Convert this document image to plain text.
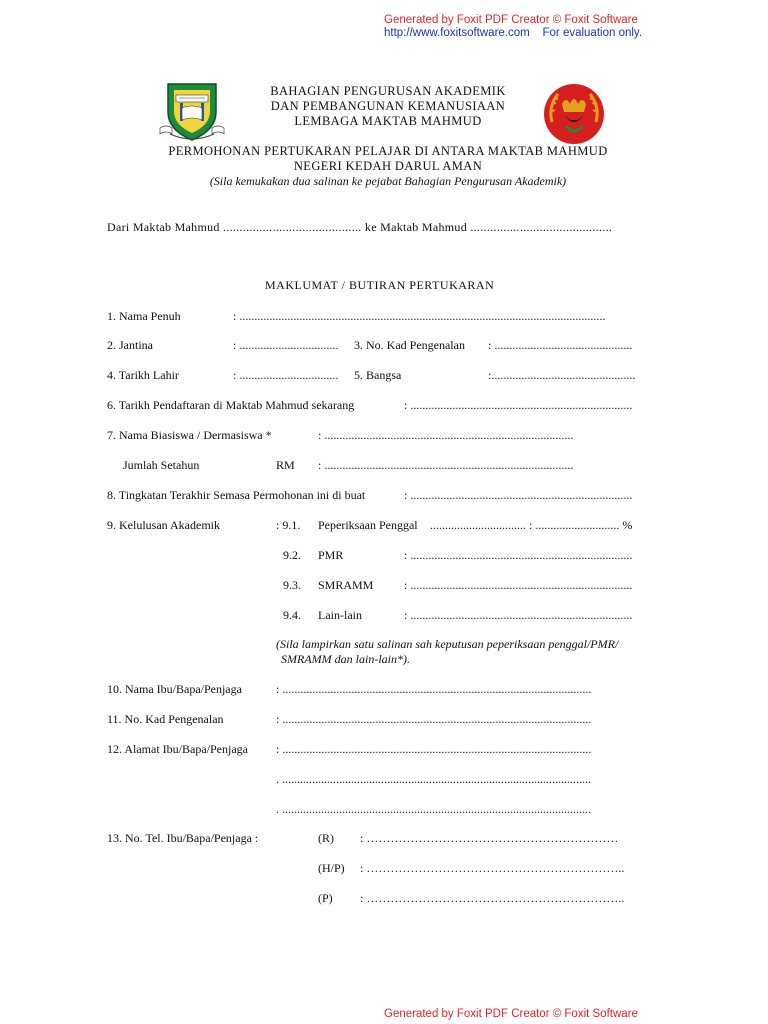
Generated by Foxit PDF Creator © Foxit Software
http://www.foxitsoftware.com For evaluation only.
BAHAGIAN PENGURUSAN AKADEMIK
DAN PEMBANGUNAN KEMANUSIAAN
LEMBAGA MAKTAB MAHMUD
PERMOHONAN PERTUKARAN PELAJAR DI ANTARA MAKTAB MAHMUD
NEGERI KEDAH DARUL AMAN
(Sila kemukakan dua salinan ke pejabat Bahagian Pengurusan Akademik)
Dari Maktab Mahmud .......................................... ke Maktab Mahmud ...........................................
MAKLUMAT / BUTIRAN PERTUKARAN
1. Nama Penuh	: ..........................................................................................................................
2. Jantina	: ................................. 3. No. Kad Pengenalan : ..............................................
4. Tarikh Lahir	: ................................. 5. Bangsa	:................................................
6. Tarikh Pendaftaran di Maktab Mahmud sekarang	: ..........................................................................
7. Nama Biasiswa / Dermasiswa *	: ...................................................................................
Jumlah Setahun	RM : ...................................................................................
8. Tingkatan Terakhir Semasa Permohonan ini di buat	: ..........................................................................
9. Kelulusan Akademik	: 9.1. Peperiksaan Penggal ................................ : ............................ %
9.2. PMR	: ..........................................................................
9.3. SMRAMM	: ..........................................................................
9.4. Lain-lain	: ..........................................................................
(Sila lampirkan satu salinan sah keputusan peperiksaan penggal/PMR/
SMRAMM dan lain-lain*).
10. Nama Ibu/Bapa/Penjaga	: .......................................................................................................
11. No. Kad Pengenalan	: .......................................................................................................
12. Alamat Ibu/Bapa/Penjaga : .......................................................................................................
. .......................................................................................................
. .......................................................................................................
13. No. Tel. Ibu/Bapa/Penjaga :	(R) : ………………………………………………………
(H/P) : ………………………………………………………..
(P) : ………………………………………………………..
Generated by Foxit PDF Creator © Foxit Software
